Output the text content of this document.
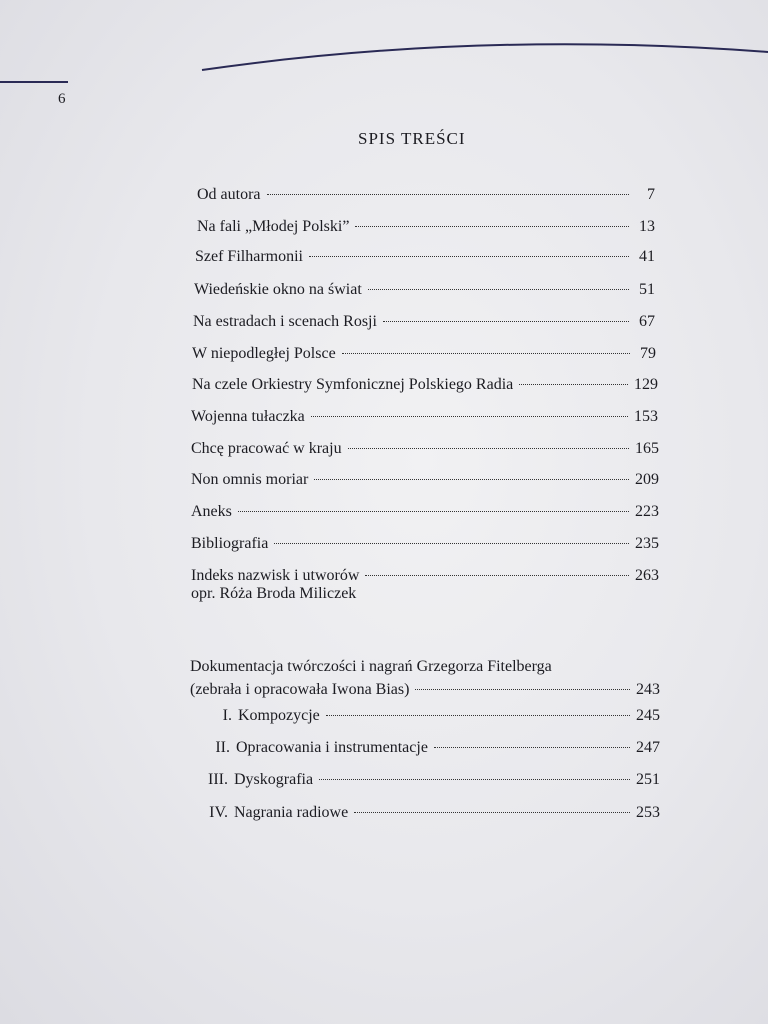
6
SPIS TREŚCI
Od autora	7
Na fali „Młodej Polski”	13
Szef Filharmonii	41
Wiedeńskie okno na świat	51
Na estradach i scenach Rosji	67
W niepodległej Polsce	79
Na czele Orkiestry Symfonicznej Polskiego Radia	129
Wojenna tułaczka	153
Chcę pracować w kraju	165
Non omnis moriar	209
Aneks	223
Bibliografia	235
Indeks nazwisk i utworów	263
opr. Róża Broda Miliczek
Dokumentacja twórczości i nagrań Grzegorza Fitelberga
(zebrała i opracowała Iwona Bias)	243
I. Kompozycje	245
II. Opracowania i instrumentacje	247
III. Dyskografia	251
IV. Nagrania radiowe	253
